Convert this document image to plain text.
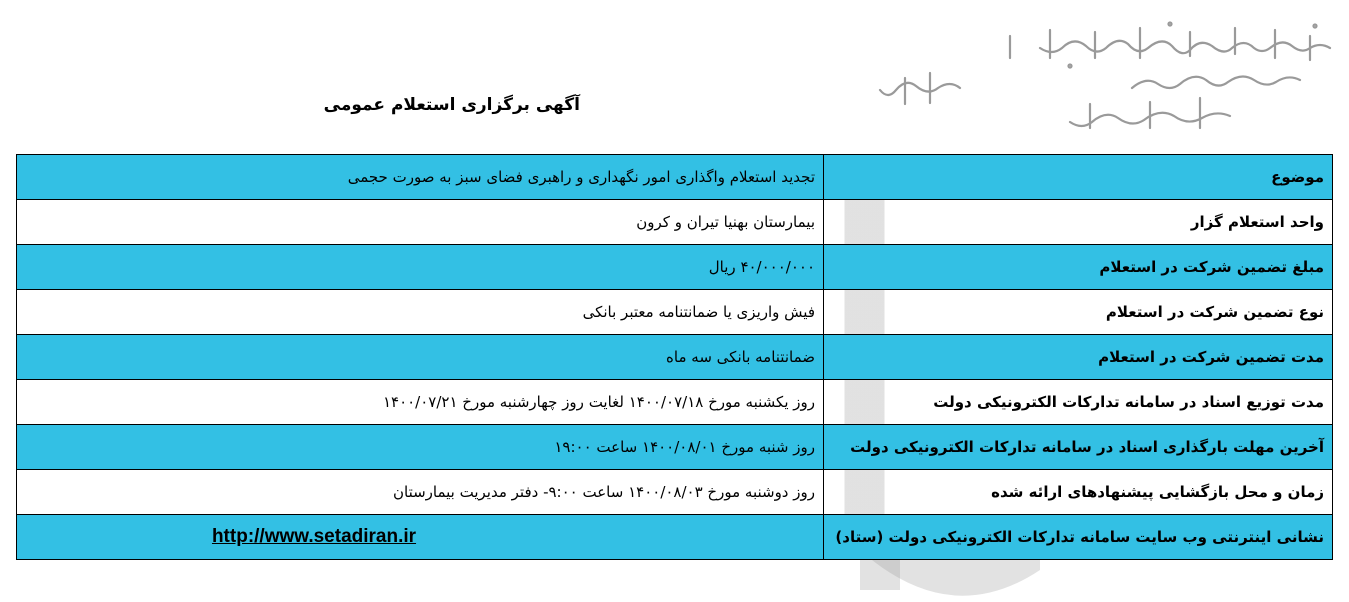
آگهی برگزاری استعلام عمومی
موضوع	تجدید استعلام واگذاری امور نگهداری و راهبری فضای سبز به صورت حجمی
واحد استعلام گزار	بیمارستان بهنیا تیران و کرون
مبلغ تضمین شرکت در استعلام	۴۰/۰۰۰/۰۰۰ ریال
نوع تضمین شرکت در استعلام	فیش واریزی یا ضمانتنامه معتبر بانکی
مدت تضمین شرکت در استعلام	ضمانتنامه بانکی سه ماه
مدت توزیع اسناد در سامانه تدارکات الکترونیکی دولت	روز یکشنبه مورخ ۱۴۰۰/۰۷/۱۸ لغایت روز چهارشنبه مورخ ۱۴۰۰/۰۷/۲۱
آخرین مهلت بارگذاری اسناد در سامانه تدارکات الکترونیکی دولت	روز شنبه مورخ ۱۴۰۰/۰۸/۰۱ ساعت ۱۹:۰۰
زمان و محل بازگشایی پیشنهادهای ارائه شده	روز دوشنبه مورخ ۱۴۰۰/۰۸/۰۳ ساعت ۹:۰۰- دفتر مدیریت بیمارستان
نشانی اینترنتی وب سایت سامانه تدارکات الکترونیکی دولت (ستاد)	http://www.setadiran.ir
